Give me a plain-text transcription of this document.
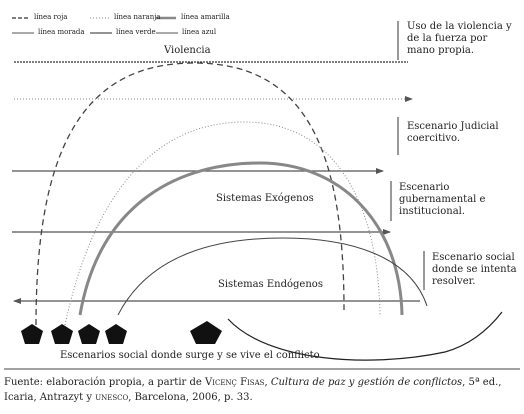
línea roja	línea naranja	línea amarilla
línea morada	línea verde	línea azul
Violencia
Sistemas Exógenos
Sistemas Endógenos
Escenarios social donde surge y se vive el conflicto
Uso de la violencia y de la fuerza por mano propia.
Escenario Judicial coercitivo.
Escenario gubernamental e institucional.
Escenario social donde se intenta resolver.
Fuente: elaboración propia, a partir de Vicenç Fisas, Cultura de paz y gestión de conflictos, 5ª ed., Icaria, Antrazyt y unesco, Barcelona, 2006, p. 33.
